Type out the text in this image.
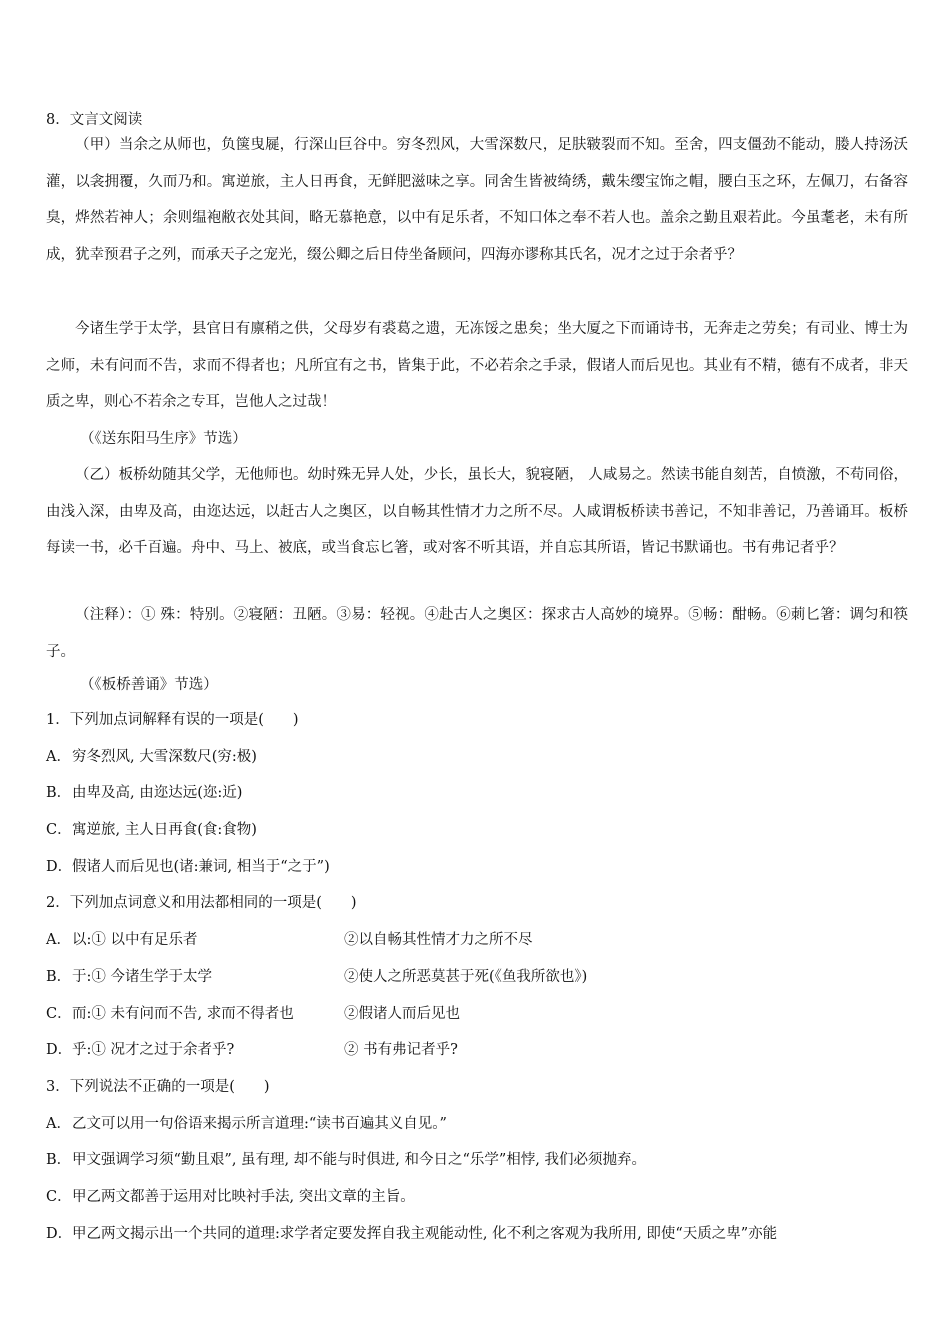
8．文言文阅读

（甲）当余之从师也，负箧曳屣，行深山巨谷中。穷冬烈风，大雪深数尺，足肤皲裂而不知。至舍，四支僵劲不能动，媵人持汤沃灌，以衾拥覆，久而乃和。寓逆旅，主人日再食，无鲜肥滋味之享。同舍生皆被绮绣，戴朱缨宝饰之帽，腰白玉之环，左佩刀，右备容臭，烨然若神人；余则缊袍敝衣处其间，略无慕艳意，以中有足乐者，不知口体之奉不若人也。盖余之勤且艰若此。今虽耄老，未有所成，犹幸预君子之列，而承天子之宠光，缀公卿之后日侍坐备顾问，四海亦谬称其氏名，况才之过于余者乎？

今诸生学于太学，县官日有廪稍之供，父母岁有裘葛之遗，无冻馁之患矣；坐大厦之下而诵诗书，无奔走之劳矣；有司业、博士为之师，未有问而不告，求而不得者也；凡所宜有之书，皆集于此，不必若余之手录，假诸人而后见也。其业有不精，德有不成者，非天质之卑，则心不若余之专耳，岂他人之过哉！

（《送东阳马生序》节选）

（乙）板桥幼随其父学，无他师也。幼时殊无异人处，少长，虽长大，貌寝陋， 人咸易之。然读书能自刻苦，自愤激，不苟同俗，由浅入深，由卑及高，由迩达远，以赶古人之奥区，以自畅其性情才力之所不尽。人咸谓板桥读书善记，不知非善记，乃善诵耳。板桥每读一书，必千百遍。舟中、马上、被底，或当食忘匕箸，或对客不听其语，并自忘其所语，皆记书默诵也。书有弗记者乎？

（注释）：① 殊：特别。②寝陋：丑陋。③易：轻视。④赴古人之奥区：探求古人高妙的境界。⑤畅：酣畅。⑥莿匕箸：调匀和筷子。

（《板桥善诵》节选）
1．下列加点词解释有误的一项是(　　)
A．穷冬烈风, 大雪深数尺(穷:极)
B．由卑及高, 由迩达远(迩:近)
C．寓逆旅, 主人日再食(食:食物)
D．假诸人而后见也(诸:兼词, 相当于“之于”)
2．下列加点词意义和用法都相同的一项是(　　)
A．以:① 以中有足乐者	②以自畅其性情才力之所不尽
B．于:① 今诸生学于太学	②使人之所恶莫甚于死(《鱼我所欲也》)
C．而:① 未有问而不告, 求而不得者也	②假诸人而后见也
D．乎:① 况才之过于余者乎?	② 书有弗记者乎?
3．下列说法不正确的一项是(　　)
A．乙文可以用一句俗语来揭示所言道理:“读书百遍其义自见。”
B．甲文强调学习须“勤且艰”, 虽有理, 却不能与时俱进, 和今日之“乐学”相悖, 我们必须抛弃。
C．甲乙两文都善于运用对比映衬手法, 突出文章的主旨。
D．甲乙两文揭示出一个共同的道理:求学者定要发挥自我主观能动性, 化不利之客观为我所用, 即使“天质之卑”亦能
